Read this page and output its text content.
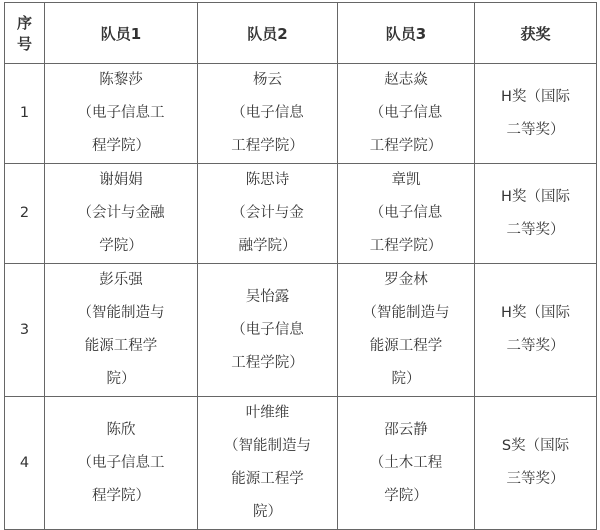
序
号	队员1	队员2	队员3	获奖
1	陈黎莎
（电子信息工
程学院）	杨云
（电子信息
工程学院）	赵志焱
（电子信息
工程学院）	H奖（国际
二等奖）

2	谢娟娟
（会计与金融
学院）	陈思诗
（会计与金
融学院）	章凯
（电子信息
工程学院）	H奖（国际
二等奖）

3	彭乐强
（智能制造与
能源工程学
院）	吴怡露
（电子信息
工程学院）	罗金林
（智能制造与
能源工程学
院）	H奖（国际
二等奖）

4	陈欣
（电子信息工
程学院）	叶维维
（智能制造与
能源工程学
院）	邵云静
（土木工程
学院）	S奖（国际
三等奖）
